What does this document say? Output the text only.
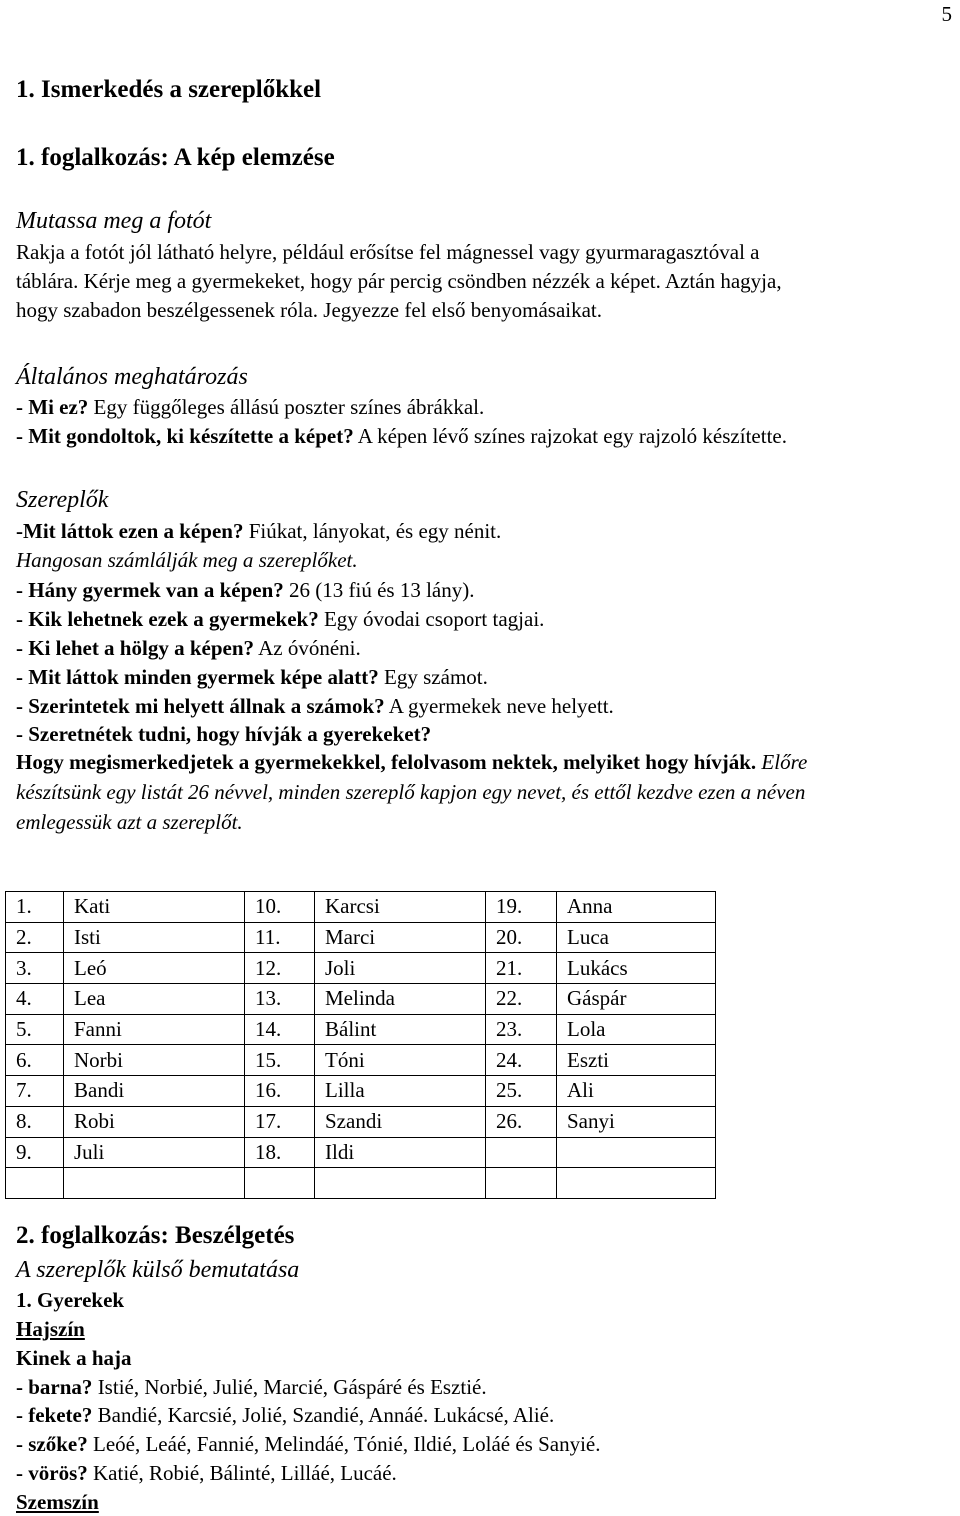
5
1. Ismerkedés a szereplőkkel
1. foglalkozás: A kép elemzése
Mutassa meg a fotót
Rakja a fotót jól látható helyre, például erősítse fel mágnessel vagy gyurmaragasztóval a
táblára. Kérje meg a gyermekeket, hogy pár percig csöndben nézzék a képet. Aztán hagyja,
hogy szabadon beszélgessenek róla. Jegyezze fel első benyomásaikat.
Általános meghatározás
- Mi ez? Egy függőleges állású poszter színes ábrákkal.
- Mit gondoltok, ki készítette a képet? A képen lévő színes rajzokat egy rajzoló készítette.
Szereplők
-Mit láttok ezen a képen? Fiúkat, lányokat, és egy nénit.
Hangosan számlálják meg a szereplőket.
- Hány gyermek van a képen? 26 (13 fiú és 13 lány).
- Kik lehetnek ezek a gyermekek? Egy óvodai csoport tagjai.
- Ki lehet a hölgy a képen? Az óvónéni.
- Mit láttok minden gyermek képe alatt? Egy számot.
- Szerintetek mi helyett állnak a számok? A gyermekek neve helyett.
- Szeretnétek tudni, hogy hívják a gyerekeket?
Hogy megismerkedjetek a gyermekekkel, felolvasom nektek, melyiket hogy hívják. Előre
készítsünk egy listát 26 névvel, minden szereplő kapjon egy nevet, és ettől kezdve ezen a néven
emlegessük azt a szereplőt.
1.	Kati	10.	Karcsi	19.	Anna
2.	Isti	11.	Marci	20.	Luca
3.	Leó	12.	Joli	21.	Lukács
4.	Lea	13.	Melinda	22.	Gáspár
5.	Fanni	14.	Bálint	23.	Lola
6.	Norbi	15.	Tóni	24.	Eszti
7.	Bandi	16.	Lilla	25.	Ali
8.	Robi	17.	Szandi	26.	Sanyi
9.	Juli	18.	Ildi		

2. foglalkozás: Beszélgetés
A szereplők külső bemutatása
1. Gyerekek
Hajszín
Kinek a haja
- barna? Istié, Norbié, Julié, Marcié, Gáspáré és Esztié.
- fekete? Bandié, Karcsié, Jolié, Szandié, Annáé. Lukácsé, Alié.
- szőke? Leóé, Leáé, Fannié, Melindáé, Tónié, Ildié, Loláé és Sanyié.
- vörös? Katié, Robié, Bálinté, Lilláé, Lucáé.
Szemszín
